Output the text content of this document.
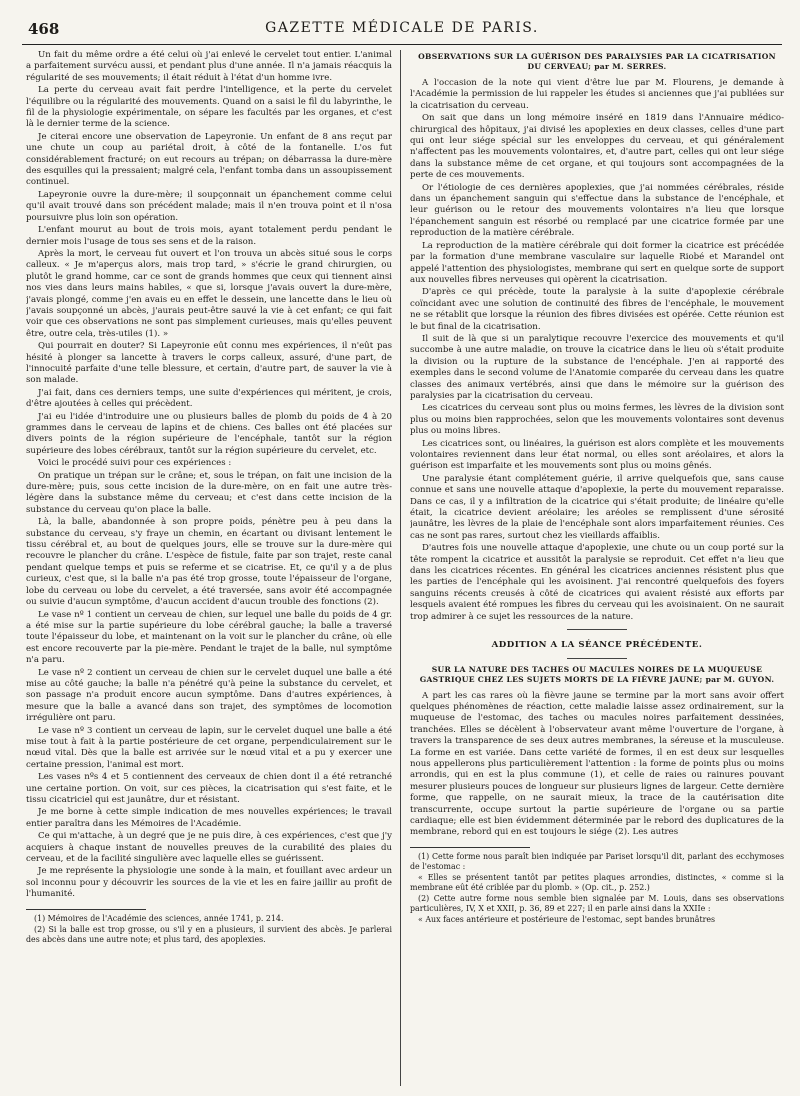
468	GAZETTE MÉDICALE DE PARIS.

Un fait du même ordre a été celui où j'ai enlevé le cervelet tout entier. L'animal a parfaitement survécu aussi, et pendant plus d'une année. Il n'a jamais réacquis la régularité de ses mouvements; il était réduit à l'état d'un homme ivre.

La perte du cerveau avait fait perdre l'intelligence, et la perte du cervelet l'équilibre ou la régularité des mouvements. Quand on a saisi le fil du labyrinthe, le fil de la physiologie expérimentale, on sépare les facultés par les organes, et c'est là le dernier terme de la science.

Je citerai encore une observation de Lapeyronie. Un enfant de 8 ans reçut par une chute un coup au pariétal droit, à côté de la fontanelle. L'os fut considérablement fracturé; on eut recours au trépan; on débarrassa la dure-mère des esquilles qui la pressaient; malgré cela, l'enfant tomba dans un assoupissement continuel.

Lapeyronie ouvre la dure-mère; il soupçonnait un épanchement comme celui qu'il avait trouvé dans son précédent malade; mais il n'en trouva point et il n'osa poursuivre plus loin son opération.

L'enfant mourut au bout de trois mois, ayant totalement perdu pendant le dernier mois l'usage de tous ses sens et de la raison.

Après la mort, le cerveau fut ouvert et l'on trouva un abcès situé sous le corps calleux. « Je m'aperçus alors, mais trop tard, » s'écrie le grand chirurgien, ou plutôt le grand homme, car ce sont de grands hommes que ceux qui tiennent ainsi nos vies dans leurs mains habiles, « que si, lorsque j'avais ouvert la dure-mère, j'avais plongé, comme j'en avais eu en effet le dessein, une lancette dans le lieu où j'avais soupçonné un abcès, j'aurais peut-être sauvé la vie à cet enfant; ce qui fait voir que ces observations ne sont pas simplement curieuses, mais qu'elles peuvent être, outre cela, très-utiles (1). »

Qui pourrait en douter? Si Lapeyronie eût connu mes expériences, il n'eût pas hésité à plonger sa lancette à travers le corps calleux, assuré, d'une part, de l'innocuité parfaite d'une telle blessure, et certain, d'autre part, de sauver la vie à son malade.

J'ai fait, dans ces derniers temps, une suite d'expériences qui méritent, je crois, d'être ajoutées à celles qui précèdent.

J'ai eu l'idée d'introduire une ou plusieurs balles de plomb du poids de 4 à 20 grammes dans le cerveau de lapins et de chiens. Ces balles ont été placées sur divers points de la région supérieure de l'encéphale, tantôt sur la région supérieure des lobes cérébraux, tantôt sur la région supérieure du cervelet, etc.

Voici le procédé suivi pour ces expériences :

On pratique un trépan sur le crâne; et, sous le trépan, on fait une incision de la dure-mère; puis, sous cette incision de la dure-mère, on en fait une autre très-légère dans la substance même du cerveau; et c'est dans cette incision de la substance du cerveau qu'on place la balle.

Là, la balle, abandonnée à son propre poids, pénètre peu à peu dans la substance du cerveau, s'y fraye un chemin, en écartant ou divisant lentement le tissu cérébral et, au bout de quelques jours, elle se trouve sur la dure-mère qui recouvre le plancher du crâne. L'espèce de fistule, faite par son trajet, reste canal pendant quelque temps et puis se referme et se cicatrise. Et, ce qu'il y a de plus curieux, c'est que, si la balle n'a pas été trop grosse, toute l'épaisseur de l'organe, lobe du cerveau ou lobe du cervelet, a été traversée, sans avoir été accompagnée ou suivie d'aucun symptôme, d'aucun accident d'aucun trouble des fonctions (2).

Le vase nº 1 contient un cerveau de chien, sur lequel une balle du poids de 4 gr. a été mise sur la partie supérieure du lobe cérébral gauche; la balle a traversé toute l'épaisseur du lobe, et maintenant on la voit sur le plancher du crâne, où elle est encore recouverte par la pie-mère. Pendant le trajet de la balle, nul symptôme n'a paru.

Le vase nº 2 contient un cerveau de chien sur le cervelet duquel une balle a été mise au côté gauche; la balle n'a pénétré qu'à peine la substance du cervelet, et son passage n'a produit encore aucun symptôme. Dans d'autres expériences, à mesure que la balle a avancé dans son trajet, des symptômes de locomotion irrégulière ont paru.

Le vase nº 3 contient un cerveau de lapin, sur le cervelet duquel une balle a été mise tout à fait à la partie postérieure de cet organe, perpendiculairement sur le nœud vital. Dès que la balle est arrivée sur le nœud vital et a pu y exercer une certaine pression, l'animal est mort.

Les vases nºs 4 et 5 contiennent des cerveaux de chien dont il a été retranché une certaine portion. On voit, sur ces pièces, la cicatrisation qui s'est faite, et le tissu cicatriciel qui est jaunâtre, dur et résistant.

Je me borne à cette simple indication de mes nouvelles expériences; le travail entier paraîtra dans les Mémoires de l'Académie.

Ce qui m'attache, à un degré que je ne puis dire, à ces expériences, c'est que j'y acquiers à chaque instant de nouvelles preuves de la curabilité des plaies du cerveau, et de la facilité singulière avec laquelle elles se guérissent.

Je me représente la physiologie une sonde à la main, et fouillant avec ardeur un sol inconnu pour y découvrir les sources de la vie et les en faire jaillir au profit de l'humanité.

(1) Mémoires de l'Académie des sciences, année 1741, p. 214.

(2) Si la balle est trop grosse, ou s'il y en a plusieurs, il survient des abcès. Je parlerai des abcès dans une autre note; et plus tard, des apoplexies.

OBSERVATIONS SUR LA GUÉRISON DES PARALYSIES PAR LA CICATRISATION DU CERVEAU; par M. SERRES.

A l'occasion de la note qui vient d'être lue par M. Flourens, je demande à l'Académie la permission de lui rappeler les études si anciennes que j'ai publiées sur la cicatrisation du cerveau.

On sait que dans un long mémoire inséré en 1819 dans l'Annuaire médico-chirurgical des hôpitaux, j'ai divisé les apoplexies en deux classes, celles d'une part qui ont leur siége spécial sur les enveloppes du cerveau, et qui généralement n'affectent pas les mouvements volontaires, et, d'autre part, celles qui ont leur siége dans la substance même de cet organe, et qui toujours sont accompagnées de la perte de ces mouvements.

Or l'étiologie de ces dernières apoplexies, que j'ai nommées cérébrales, réside dans un épanchement sanguin qui s'effectue dans la substance de l'encéphale, et leur guérison ou le retour des mouvements volontaires n'a lieu que lorsque l'épanchement sanguin est résorbé ou remplacé par une cicatrice formée par une reproduction de la matière cérébrale.

La reproduction de la matière cérébrale qui doit former la cicatrice est précédée par la formation d'une membrane vasculaire sur laquelle Riobé et Marandel ont appelé l'attention des physiologistes, membrane qui sert en quelque sorte de support aux nouvelles fibres nerveuses qui opèrent la cicatrisation.

D'après ce qui précède, toute la paralysie à la suite d'apoplexie cérébrale coïncidant avec une solution de continuité des fibres de l'encéphale, le mouvement ne se rétablit que lorsque la réunion des fibres divisées est opérée. Cette réunion est le but final de la cicatrisation.

Il suit de là que si un paralytique recouvre l'exercice des mouvements et qu'il succombe à une autre maladie, on trouve la cicatrice dans le lieu où s'était produite la division ou la rupture de la substance de l'encéphale. J'en ai rapporté des exemples dans le second volume de l'Anatomie comparée du cerveau dans les quatre classes des animaux vertébrés, ainsi que dans le mémoire sur la guérison des paralysies par la cicatrisation du cerveau.

Les cicatrices du cerveau sont plus ou moins fermes, les lèvres de la division sont plus ou moins bien rapprochées, selon que les mouvements volontaires sont devenus plus ou moins libres.

Les cicatrices sont, ou linéaires, la guérison est alors complète et les mouvements volontaires reviennent dans leur état normal, ou elles sont aréolaires, et alors la guérison est imparfaite et les mouvements sont plus ou moins gênés.

Une paralysie étant complétement guérie, il arrive quelquefois que, sans cause connue et sans une nouvelle attaque d'apoplexie, la perte du mouvement reparaisse. Dans ce cas, il y a infiltration de la cicatrice qui s'était produite; de linéaire qu'elle était, la cicatrice devient aréolaire; les aréoles se remplissent d'une sérosité jaunâtre, les lèvres de la plaie de l'encéphale sont alors imparfaitement réunies. Ces cas ne sont pas rares, surtout chez les vieillards affaiblis.

D'autres fois une nouvelle attaque d'apoplexie, une chute ou un coup porté sur la tête rompent la cicatrice et aussitôt la paralysie se reproduit. Cet effet n'a lieu que dans les cicatrices récentes. En général les cicatrices anciennes résistent plus que les parties de l'encéphale qui les avoisinent. J'ai rencontré quelquefois des foyers sanguins récents creusés à côté de cicatrices qui avaient résisté aux efforts par lesquels avaient été rompues les fibres du cerveau qui les avoisinaient. On ne saurait trop admirer à ce sujet les ressources de la nature.

ADDITION A LA SÉANCE PRÉCÉDENTE.

SUR LA NATURE DES TACHES OU MACULES NOIRES DE LA MUQUEUSE GASTRIQUE CHEZ LES SUJETS MORTS DE LA FIÈVRE JAUNE; par M. GUYON.

A part les cas rares où la fièvre jaune se termine par la mort sans avoir offert quelques phénomènes de réaction, cette maladie laisse assez ordinairement, sur la muqueuse de l'estomac, des taches ou macules noires parfaitement dessinées, tranchées. Elles se décèlent à l'observateur avant même l'ouverture de l'organe, à travers la transparence de ses deux autres membranes, la séreuse et la musculeuse. La forme en est variée. Dans cette variété de formes, il en est deux sur lesquelles nous appellerons plus particulièrement l'attention : la forme de points plus ou moins arrondis, qui en est la plus commune (1), et celle de raies ou rainures pouvant mesurer plusieurs pouces de longueur sur plusieurs lignes de largeur. Cette dernière forme, que rappelle, on ne saurait mieux, la trace de la cautérisation dite transcurrente, occupe surtout la partie supérieure de l'organe ou sa partie cardiaque; elle est bien évidemment déterminée par le rebord des duplicatures de la membrane, rebord qui en est toujours le siége (2). Les autres

(1) Cette forme nous paraît bien indiquée par Pariset lorsqu'il dit, parlant des ecchymoses de l'estomac :

« Elles se présentent tantôt par petites plaques arrondies, distinctes, « comme si la membrane eût été criblée par du plomb. » (Op. cit., p. 252.)

(2) Cette autre forme nous semble bien signalée par M. Louis, dans ses observations particulières, IV, X et XXII, p. 36, 89 et 227; il en parle ainsi dans la XXIIe :

« Aux faces antérieure et postérieure de l'estomac, sept bandes brunâtres
